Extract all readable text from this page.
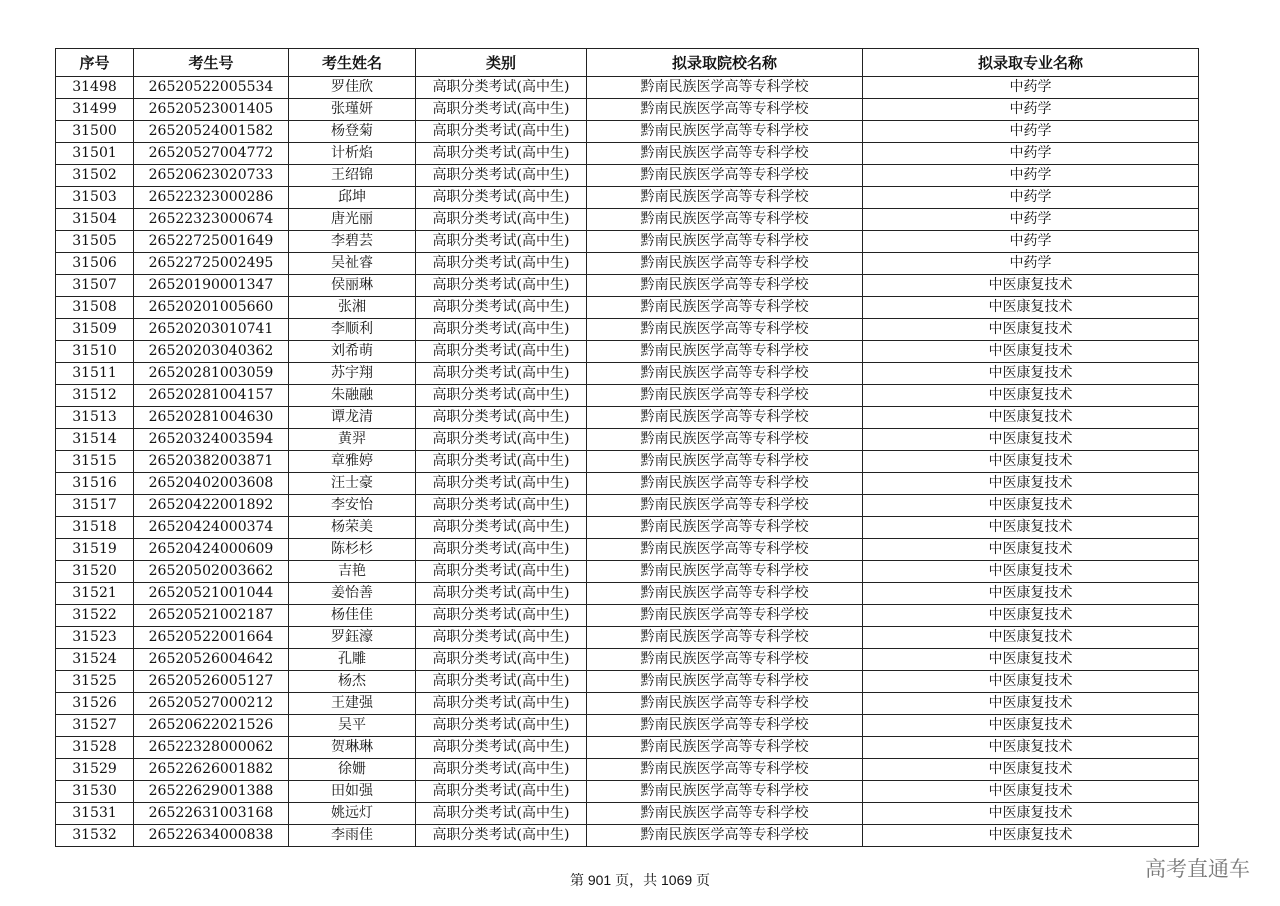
序号	考生号	考生姓名	类别	拟录取院校名称	拟录取专业名称
31498	26520522005534	罗佳欣	高职分类考试(高中生)	黔南民族医学高等专科学校	中药学
31499	26520523001405	张瑾妍	高职分类考试(高中生)	黔南民族医学高等专科学校	中药学
31500	26520524001582	杨登菊	高职分类考试(高中生)	黔南民族医学高等专科学校	中药学
31501	26520527004772	计析焰	高职分类考试(高中生)	黔南民族医学高等专科学校	中药学
31502	26520623020733	王绍锦	高职分类考试(高中生)	黔南民族医学高等专科学校	中药学
31503	26522323000286	邱坤	高职分类考试(高中生)	黔南民族医学高等专科学校	中药学
31504	26522323000674	唐光丽	高职分类考试(高中生)	黔南民族医学高等专科学校	中药学
31505	26522725001649	李碧芸	高职分类考试(高中生)	黔南民族医学高等专科学校	中药学
31506	26522725002495	吴祉睿	高职分类考试(高中生)	黔南民族医学高等专科学校	中药学
31507	26520190001347	侯丽琳	高职分类考试(高中生)	黔南民族医学高等专科学校	中医康复技术
31508	26520201005660	张湘	高职分类考试(高中生)	黔南民族医学高等专科学校	中医康复技术
31509	26520203010741	李顺利	高职分类考试(高中生)	黔南民族医学高等专科学校	中医康复技术
31510	26520203040362	刘希萌	高职分类考试(高中生)	黔南民族医学高等专科学校	中医康复技术
31511	26520281003059	苏宇翔	高职分类考试(高中生)	黔南民族医学高等专科学校	中医康复技术
31512	26520281004157	朱融融	高职分类考试(高中生)	黔南民族医学高等专科学校	中医康复技术
31513	26520281004630	谭龙清	高职分类考试(高中生)	黔南民族医学高等专科学校	中医康复技术
31514	26520324003594	黄羿	高职分类考试(高中生)	黔南民族医学高等专科学校	中医康复技术
31515	26520382003871	章雅婷	高职分类考试(高中生)	黔南民族医学高等专科学校	中医康复技术
31516	26520402003608	汪士豪	高职分类考试(高中生)	黔南民族医学高等专科学校	中医康复技术
31517	26520422001892	李安怡	高职分类考试(高中生)	黔南民族医学高等专科学校	中医康复技术
31518	26520424000374	杨荣美	高职分类考试(高中生)	黔南民族医学高等专科学校	中医康复技术
31519	26520424000609	陈杉杉	高职分类考试(高中生)	黔南民族医学高等专科学校	中医康复技术
31520	26520502003662	吉艳	高职分类考试(高中生)	黔南民族医学高等专科学校	中医康复技术
31521	26520521001044	姜怡善	高职分类考试(高中生)	黔南民族医学高等专科学校	中医康复技术
31522	26520521002187	杨佳佳	高职分类考试(高中生)	黔南民族医学高等专科学校	中医康复技术
31523	26520522001664	罗鈺濠	高职分类考试(高中生)	黔南民族医学高等专科学校	中医康复技术
31524	26520526004642	孔雕	高职分类考试(高中生)	黔南民族医学高等专科学校	中医康复技术
31525	26520526005127	杨杰	高职分类考试(高中生)	黔南民族医学高等专科学校	中医康复技术
31526	26520527000212	王建强	高职分类考试(高中生)	黔南民族医学高等专科学校	中医康复技术
31527	26520622021526	吴平	高职分类考试(高中生)	黔南民族医学高等专科学校	中医康复技术
31528	26522328000062	贺琳琳	高职分类考试(高中生)	黔南民族医学高等专科学校	中医康复技术
31529	26522626001882	徐姗	高职分类考试(高中生)	黔南民族医学高等专科学校	中医康复技术
31530	26522629001388	田如强	高职分类考试(高中生)	黔南民族医学高等专科学校	中医康复技术
31531	26522631003168	姚远灯	高职分类考试(高中生)	黔南民族医学高等专科学校	中医康复技术
31532	26522634000838	李雨佳	高职分类考试(高中生)	黔南民族医学高等专科学校	中医康复技术
第 901 页，共 1069 页	高考直通车
